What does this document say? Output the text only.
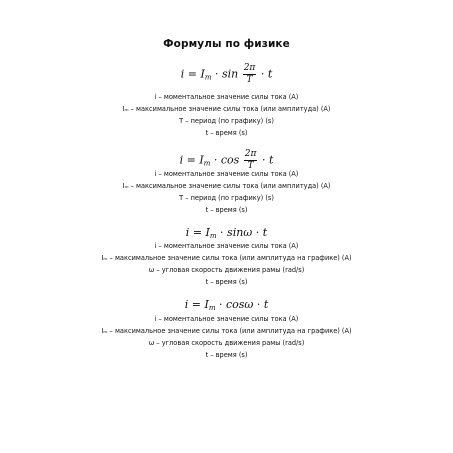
Формулы по физике
$i = I_m \cdot \sin \frac{2\pi}{T} \cdot t$
i – моментальное значение силы тока (A)
Iₘ – максимальное значение силы тока (или амплитуда) (A)
T – период (по графику) (s)
t – время (s)
$i = I_m \cdot \cos \frac{2\pi}{T} \cdot t$
i – моментальное значение силы тока (A)
Iₘ – максимальное значение силы тока (или амплитуда) (A)
T – период (по графику) (s)
t – время (s)
$i = I_m \cdot \sin\omega \cdot t$
i – моментальное значение силы тока (A)
Iₘ – максимальное значение силы тока (или амплитуда на графике) (A)
ω – угловая скорость движения рамы (rad/s)
t – время (s)
$i = I_m \cdot \cos\omega \cdot t$
i – моментальное значение силы тока (A)
Iₘ – максимальное значение силы тока (или амплитуда на графике) (A)
ω – угловая скорость движения рамы (rad/s)
t – время (s)
